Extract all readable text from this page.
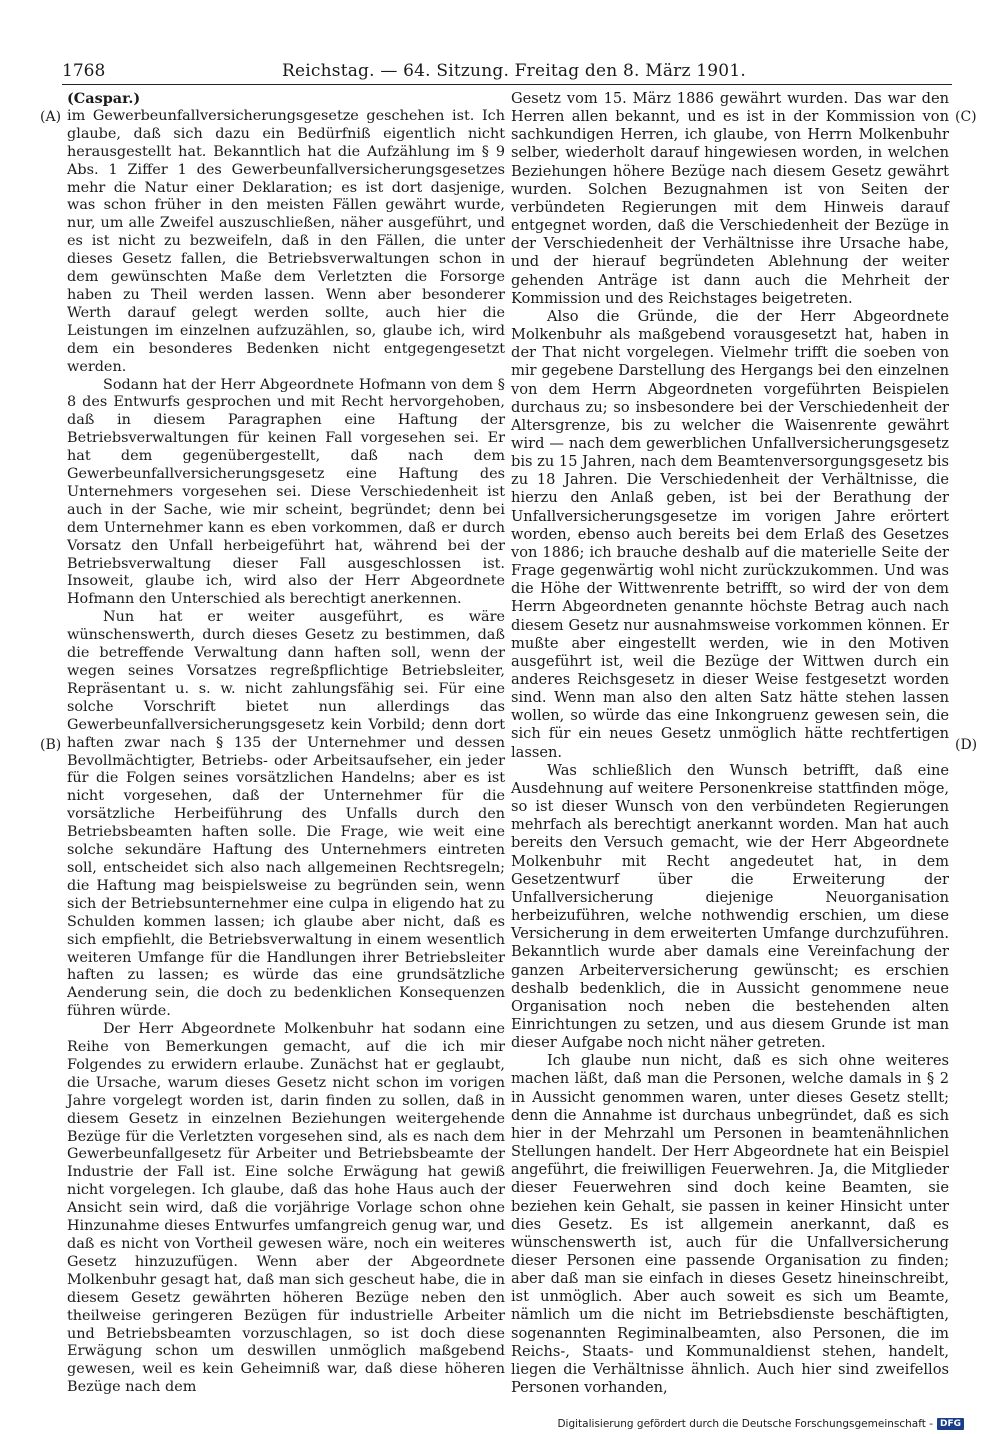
1768	Reichstag. — 64. Sitzung. Freitag den 8. März 1901.
(A)
(B)
(C)
(D)

(Caspar.)

im Gewerbeunfallversicherungsgesetze geschehen ist. Ich glaube, daß sich dazu ein Bedürfniß eigentlich nicht herausgestellt hat. Bekanntlich hat die Aufzählung im § 9 Abs. 1 Ziffer 1 des Gewerbeunfallversicherungsgesetzes mehr die Natur einer Deklaration; es ist dort dasjenige, was schon früher in den meisten Fällen gewährt wurde, nur, um alle Zweifel auszuschließen, näher ausgeführt, und es ist nicht zu bezweifeln, daß in den Fällen, die unter dieses Gesetz fallen, die Betriebsverwaltungen schon in dem gewünschten Maße dem Verletzten die Forsorge haben zu Theil werden lassen. Wenn aber besonderer Werth darauf gelegt werden sollte, auch hier die Leistungen im einzelnen aufzuzählen, so, glaube ich, wird dem ein besonderes Bedenken nicht entgegengesetzt werden.

Sodann hat der Herr Abgeordnete Hofmann von dem § 8 des Entwurfs gesprochen und mit Recht hervorgehoben, daß in diesem Paragraphen eine Haftung der Betriebsverwaltungen für keinen Fall vorgesehen sei. Er hat dem gegenübergestellt, daß nach dem Gewerbeunfallversicherungsgesetz eine Haftung des Unternehmers vorgesehen sei. Diese Verschiedenheit ist auch in der Sache, wie mir scheint, begründet; denn bei dem Unternehmer kann es eben vorkommen, daß er durch Vorsatz den Unfall herbeigeführt hat, während bei der Betriebsverwaltung dieser Fall ausgeschlossen ist. Insoweit, glaube ich, wird also der Herr Abgeordnete Hofmann den Unterschied als berechtigt anerkennen.

Nun hat er weiter ausgeführt, es wäre wünschenswerth, durch dieses Gesetz zu bestimmen, daß die betreffende Verwaltung dann haften soll, wenn der wegen seines Vorsatzes regreßpflichtige Betriebsleiter, Repräsentant u. s. w. nicht zahlungsfähig sei. Für eine solche Vorschrift bietet nun allerdings das Gewerbeunfallversicherungsgesetz kein Vorbild; denn dort haften zwar nach § 135 der Unternehmer und dessen Bevollmächtigter, Betriebs- oder Arbeitsaufseher, ein jeder für die Folgen seines vorsätzlichen Handelns; aber es ist nicht vorgesehen, daß der Unternehmer für die vorsätzliche Herbeiführung des Unfalls durch den Betriebsbeamten haften solle. Die Frage, wie weit eine solche sekundäre Haftung des Unternehmers eintreten soll, entscheidet sich also nach allgemeinen Rechtsregeln; die Haftung mag beispielsweise zu begründen sein, wenn sich der Betriebsunternehmer eine culpa in eligendo hat zu Schulden kommen lassen; ich glaube aber nicht, daß es sich empfiehlt, die Betriebsverwaltung in einem wesentlich weiteren Umfange für die Handlungen ihrer Betriebsleiter haften zu lassen; es würde das eine grundsätzliche Aenderung sein, die doch zu bedenklichen Konsequenzen führen würde.

Der Herr Abgeordnete Molkenbuhr hat sodann eine Reihe von Bemerkungen gemacht, auf die ich mir Folgendes zu erwidern erlaube. Zunächst hat er geglaubt, die Ursache, warum dieses Gesetz nicht schon im vorigen Jahre vorgelegt worden ist, darin finden zu sollen, daß in diesem Gesetz in einzelnen Beziehungen weitergehende Bezüge für die Verletzten vorgesehen sind, als es nach dem Gewerbeunfallgesetz für Arbeiter und Betriebsbeamte der Industrie der Fall ist. Eine solche Erwägung hat gewiß nicht vorgelegen. Ich glaube, daß das hohe Haus auch der Ansicht sein wird, daß die vorjährige Vorlage schon ohne Hinzunahme dieses Entwurfes umfangreich genug war, und daß es nicht von Vortheil gewesen wäre, noch ein weiteres Gesetz hinzuzufügen. Wenn aber der Abgeordnete Molkenbuhr gesagt hat, daß man sich gescheut habe, die in diesem Gesetz gewährten höheren Bezüge neben den theilweise geringeren Bezügen für industrielle Arbeiter und Betriebsbeamten vorzuschlagen, so ist doch diese Erwägung schon um deswillen unmöglich maßgebend gewesen, weil es kein Geheimniß war, daß diese höheren Bezüge nach dem

Gesetz vom 15. März 1886 gewährt wurden. Das war den Herren allen bekannt, und es ist in der Kommission von sachkundigen Herren, ich glaube, von Herrn Molkenbuhr selber, wiederholt darauf hingewiesen worden, in welchen Beziehungen höhere Bezüge nach diesem Gesetz gewährt wurden. Solchen Bezugnahmen ist von Seiten der verbündeten Regierungen mit dem Hinweis darauf entgegnet worden, daß die Verschiedenheit der Bezüge in der Verschiedenheit der Verhältnisse ihre Ursache habe, und der hierauf begründeten Ablehnung der weiter gehenden Anträge ist dann auch die Mehrheit der Kommission und des Reichstages beigetreten.

Also die Gründe, die der Herr Abgeordnete Molkenbuhr als maßgebend vorausgesetzt hat, haben in der That nicht vorgelegen. Vielmehr trifft die soeben von mir gegebene Darstellung des Hergangs bei den einzelnen von dem Herrn Abgeordneten vorgeführten Beispielen durchaus zu; so insbesondere bei der Verschiedenheit der Altersgrenze, bis zu welcher die Waisenrente gewährt wird — nach dem gewerblichen Unfallversicherungsgesetz bis zu 15 Jahren, nach dem Beamtenversorgungsgesetz bis zu 18 Jahren. Die Verschiedenheit der Verhältnisse, die hierzu den Anlaß geben, ist bei der Berathung der Unfallversicherungsgesetze im vorigen Jahre erörtert worden, ebenso auch bereits bei dem Erlaß des Gesetzes von 1886; ich brauche deshalb auf die materielle Seite der Frage gegenwärtig wohl nicht zurückzukommen. Und was die Höhe der Wittwenrente betrifft, so wird der von dem Herrn Abgeordneten genannte höchste Betrag auch nach diesem Gesetz nur ausnahmsweise vorkommen können. Er mußte aber eingestellt werden, wie in den Motiven ausgeführt ist, weil die Bezüge der Wittwen durch ein anderes Reichsgesetz in dieser Weise festgesetzt worden sind. Wenn man also den alten Satz hätte stehen lassen wollen, so würde das eine Inkongruenz gewesen sein, die sich für ein neues Gesetz unmöglich hätte rechtfertigen lassen.

Was schließlich den Wunsch betrifft, daß eine Ausdehnung auf weitere Personenkreise stattfinden möge, so ist dieser Wunsch von den verbündeten Regierungen mehrfach als berechtigt anerkannt worden. Man hat auch bereits den Versuch gemacht, wie der Herr Abgeordnete Molkenbuhr mit Recht angedeutet hat, in dem Gesetzentwurf über die Erweiterung der Unfallversicherung diejenige Neuorganisation herbeizuführen, welche nothwendig erschien, um diese Versicherung in dem erweiterten Umfange durchzuführen. Bekanntlich wurde aber damals eine Vereinfachung der ganzen Arbeiterversicherung gewünscht; es erschien deshalb bedenklich, die in Aussicht genommene neue Organisation noch neben die bestehenden alten Einrichtungen zu setzen, und aus diesem Grunde ist man dieser Aufgabe noch nicht näher getreten.

Ich glaube nun nicht, daß es sich ohne weiteres machen läßt, daß man die Personen, welche damals in § 2 in Aussicht genommen waren, unter dieses Gesetz stellt; denn die Annahme ist durchaus unbegründet, daß es sich hier in der Mehrzahl um Personen in beamtenähnlichen Stellungen handelt. Der Herr Abgeordnete hat ein Beispiel angeführt, die freiwilligen Feuerwehren. Ja, die Mitglieder dieser Feuerwehren sind doch keine Beamten, sie beziehen kein Gehalt, sie passen in keiner Hinsicht unter dies Gesetz. Es ist allgemein anerkannt, daß es wünschenswerth ist, auch für die Unfallversicherung dieser Personen eine passende Organisation zu finden; aber daß man sie einfach in dieses Gesetz hineinschreibt, ist unmöglich. Aber auch soweit es sich um Beamte, nämlich um die nicht im Betriebsdienste beschäftigten, sogenannten Regiminalbeamten, also Personen, die im Reichs-, Staats- und Kommunaldienst stehen, handelt, liegen die Verhältnisse ähnlich. Auch hier sind zweifellos Personen vorhanden,

Digitalisierung gefördert durch die Deutsche Forschungsgemeinschaft - DFG
